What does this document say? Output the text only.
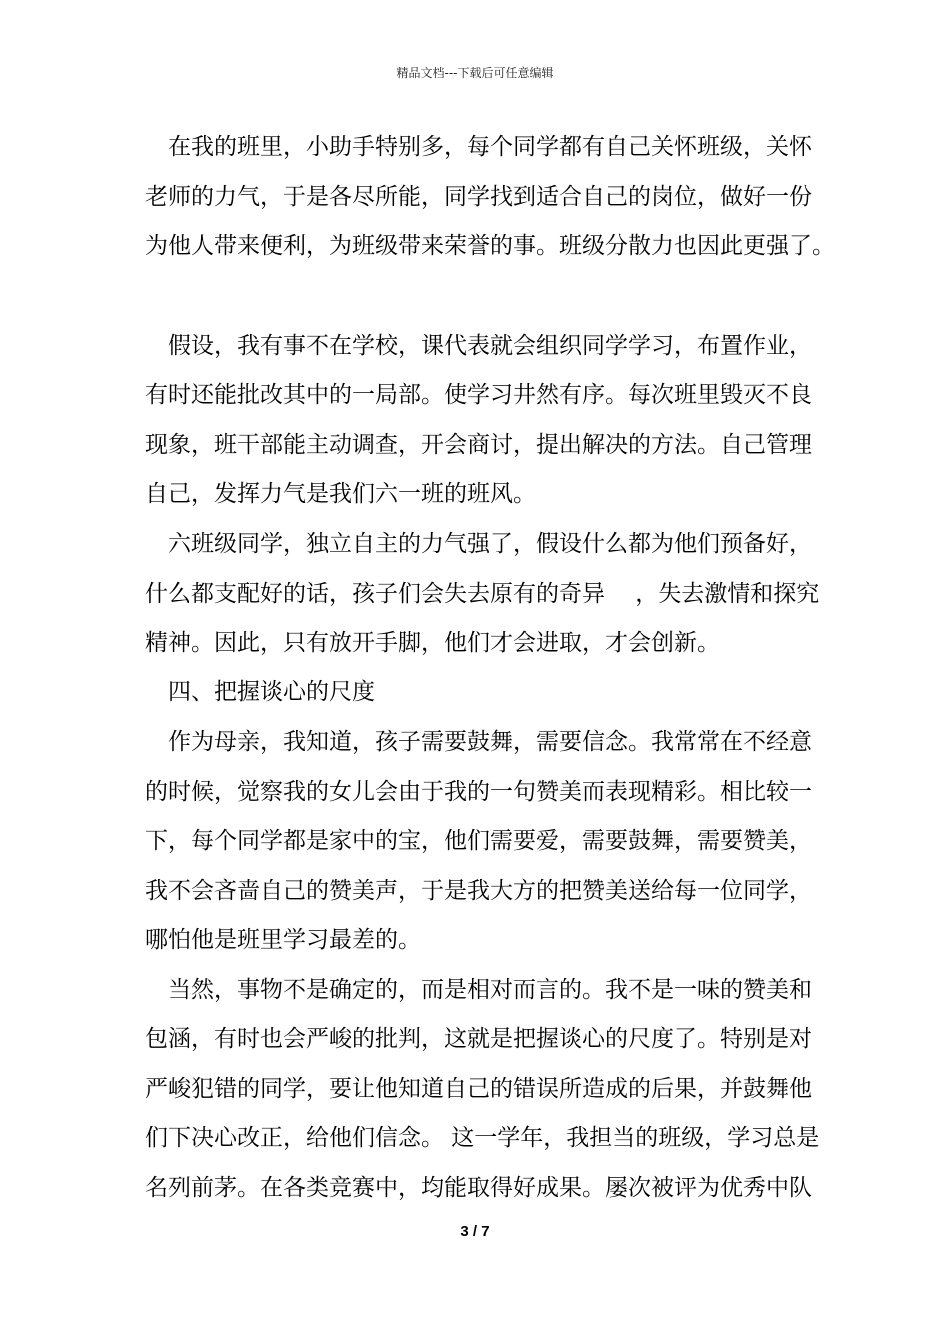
精品文档---下载后可任意编辑
　在我的班里，小助手特别多，每个同学都有自己关怀班级，关怀
老师的力气，于是各尽所能，同学找到适合自己的岗位，做好一份
为他人带来便利，为班级带来荣誉的事。班级分散力也因此更强了。
　假设，我有事不在学校，课代表就会组织同学学习，布置作业，
有时还能批改其中的一局部。使学习井然有序。每次班里毁灭不良
现象，班干部能主动调查，开会商讨，提出解决的方法。自己管理
自己，发挥力气是我们六一班的班风。
　六班级同学，独立自主的力气强了，假设什么都为他们预备好，
什么都支配好的话，孩子们会失去原有的奇异　 ，失去激情和探究
精神。因此，只有放开手脚，他们才会进取，才会创新。
　四、把握谈心的尺度
　作为母亲，我知道，孩子需要鼓舞，需要信念。我常常在不经意
的时候，觉察我的女儿会由于我的一句赞美而表现精彩。相比较一
下，每个同学都是家中的宝，他们需要爱，需要鼓舞，需要赞美，
我不会吝啬自己的赞美声，于是我大方的把赞美送给每一位同学，
哪怕他是班里学习最差的。
　当然，事物不是确定的，而是相对而言的。我不是一味的赞美和
包涵，有时也会严峻的批判，这就是把握谈心的尺度了。特别是对
严峻犯错的同学，要让他知道自己的错误所造成的后果，并鼓舞他
们下决心改正，给他们信念。 这一学年，我担当的班级，学习总是
名列前茅。在各类竞赛中，均能取得好成果。屡次被评为优秀中队
3 / 7
